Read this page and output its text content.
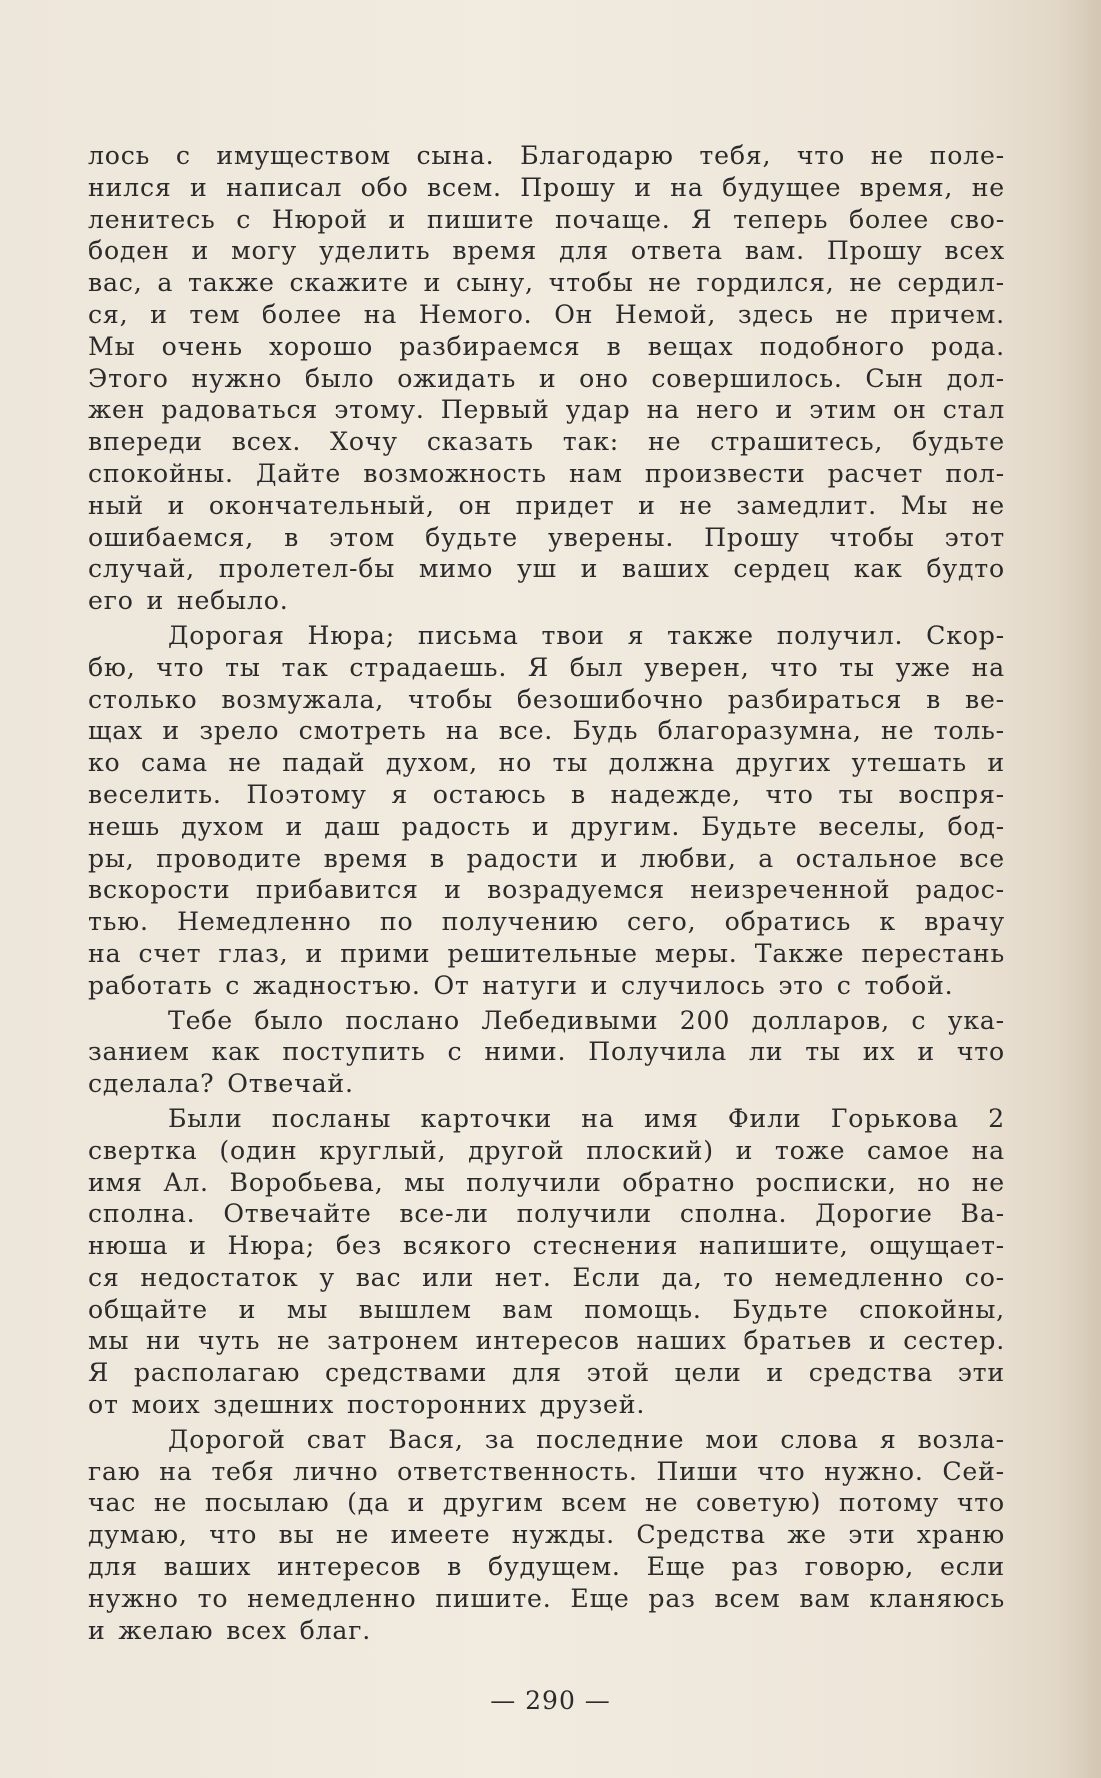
лось с имуществом сына. Благодарю тебя, что не поле-
нился и написал обо всем. Прошу и на будущее время, не
ленитесь с Нюрой и пишите почаще. Я теперь более сво-
боден и могу уделить время для ответа вам. Прошу всех
вас, а также скажите и сыну, чтобы не гордился, не сердил-
ся, и тем более на Немого. Он Немой, здесь не причем.
Мы очень хорошо разбираемся в вещах подобного рода.
Этого нужно было ожидать и оно совершилось. Сын дол-
жен радоваться этому. Первый удар на него и этим он стал
впереди всех. Хочу сказать так: не страшитесь, будьте
спокойны. Дайте возможность нам произвести расчет пол-
ный и окончательный, он придет и не замедлит. Мы не
ошибаемся, в этом будьте уверены. Прошу чтобы этот
случай, пролетел-бы мимо уш и ваших сердец как будто
его и небыло.
Дорогая Нюра; письма твои я также получил. Скор-
бю, что ты так страдаешь. Я был уверен, что ты уже на
столько возмужала, чтобы безошибочно разбираться в ве-
щах и зрело смотреть на все. Будь благоразумна, не толь-
ко сама не падай духом, но ты должна других утешать и
веселить. Поэтому я остаюсь в надежде, что ты воспря-
нешь духом и даш радость и другим. Будьте веселы, бод-
ры, проводите время в радости и любви, а остальное все
вскорости прибавится и возрадуемся неизреченной радос-
тью. Немедленно по получению сего, обратись к врачу
на счет глаз, и прими решительные меры. Также перестань
работать с жадностъю. От натуги и случилось это с тобой.
Тебе было послано Лебедивыми 200 долларов, с ука-
занием как поступить с ними. Получила ли ты их и что
сделала? Отвечай.
Были посланы карточки на имя Фили Горькова 2
свертка (один круглый, другой плоский) и тоже самое на
имя Ал. Воробьева, мы получили обратно росписки, но не
сполна. Отвечайте все-ли получили сполна. Дорогие Ва-
нюша и Нюра; без всякого стеснения напишите, ощущает-
ся недостаток у вас или нет. Если да, то немедленно со-
общайте и мы вышлем вам помощь. Будьте спокойны,
мы ни чуть не затронем интересов наших братьев и сестер.
Я располагаю средствами для этой цели и средства эти
от моих здешних посторонних друзей.
Дорогой сват Вася, за последние мои слова я возла-
гаю на тебя лично ответственность. Пиши что нужно. Сей-
час не посылаю (да и другим всем не советую) потому что
думаю, что вы не имеете нужды. Средства же эти храню
для ваших интересов в будущем. Еще раз говорю, если
нужно то немедленно пишите. Еще раз всем вам кланяюсь
и желаю всех благ.
— 290 —
